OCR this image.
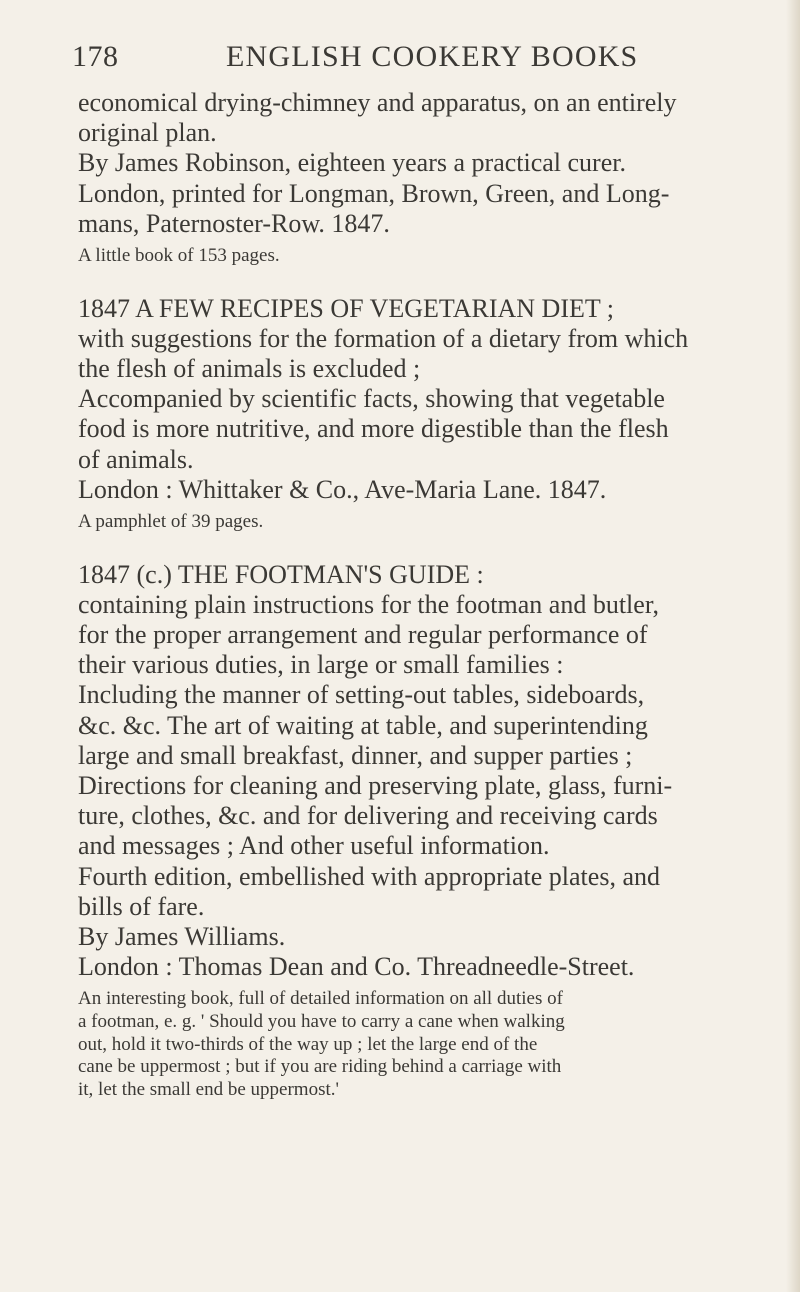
178	ENGLISH COOKERY BOOKS
economical drying-chimney and apparatus, on an entirely
original plan.
By James Robinson, eighteen years a practical curer.
London, printed for Longman, Brown, Green, and Long-
mans, Paternoster-Row. 1847.
A little book of 153 pages.
1847 A FEW RECIPES OF VEGETARIAN DIET ;
with suggestions for the formation of a dietary from which
the flesh of animals is excluded ;
Accompanied by scientific facts, showing that vegetable
food is more nutritive, and more digestible than the flesh
of animals.
London : Whittaker & Co., Ave-Maria Lane. 1847.
A pamphlet of 39 pages.
1847 (c.) THE FOOTMAN'S GUIDE :
containing plain instructions for the footman and butler,
for the proper arrangement and regular performance of
their various duties, in large or small families :
Including the manner of setting-out tables, sideboards,
&c. &c. The art of waiting at table, and superintending
large and small breakfast, dinner, and supper parties ;
Directions for cleaning and preserving plate, glass, furni-
ture, clothes, &c. and for delivering and receiving cards
and messages ; And other useful information.
Fourth edition, embellished with appropriate plates, and
bills of fare.
By James Williams.
London : Thomas Dean and Co. Threadneedle-Street.
An interesting book, full of detailed information on all duties of
a footman, e. g. ' Should you have to carry a cane when walking
out, hold it two-thirds of the way up ; let the large end of the
cane be uppermost ; but if you are riding behind a carriage with
it, let the small end be uppermost.'
